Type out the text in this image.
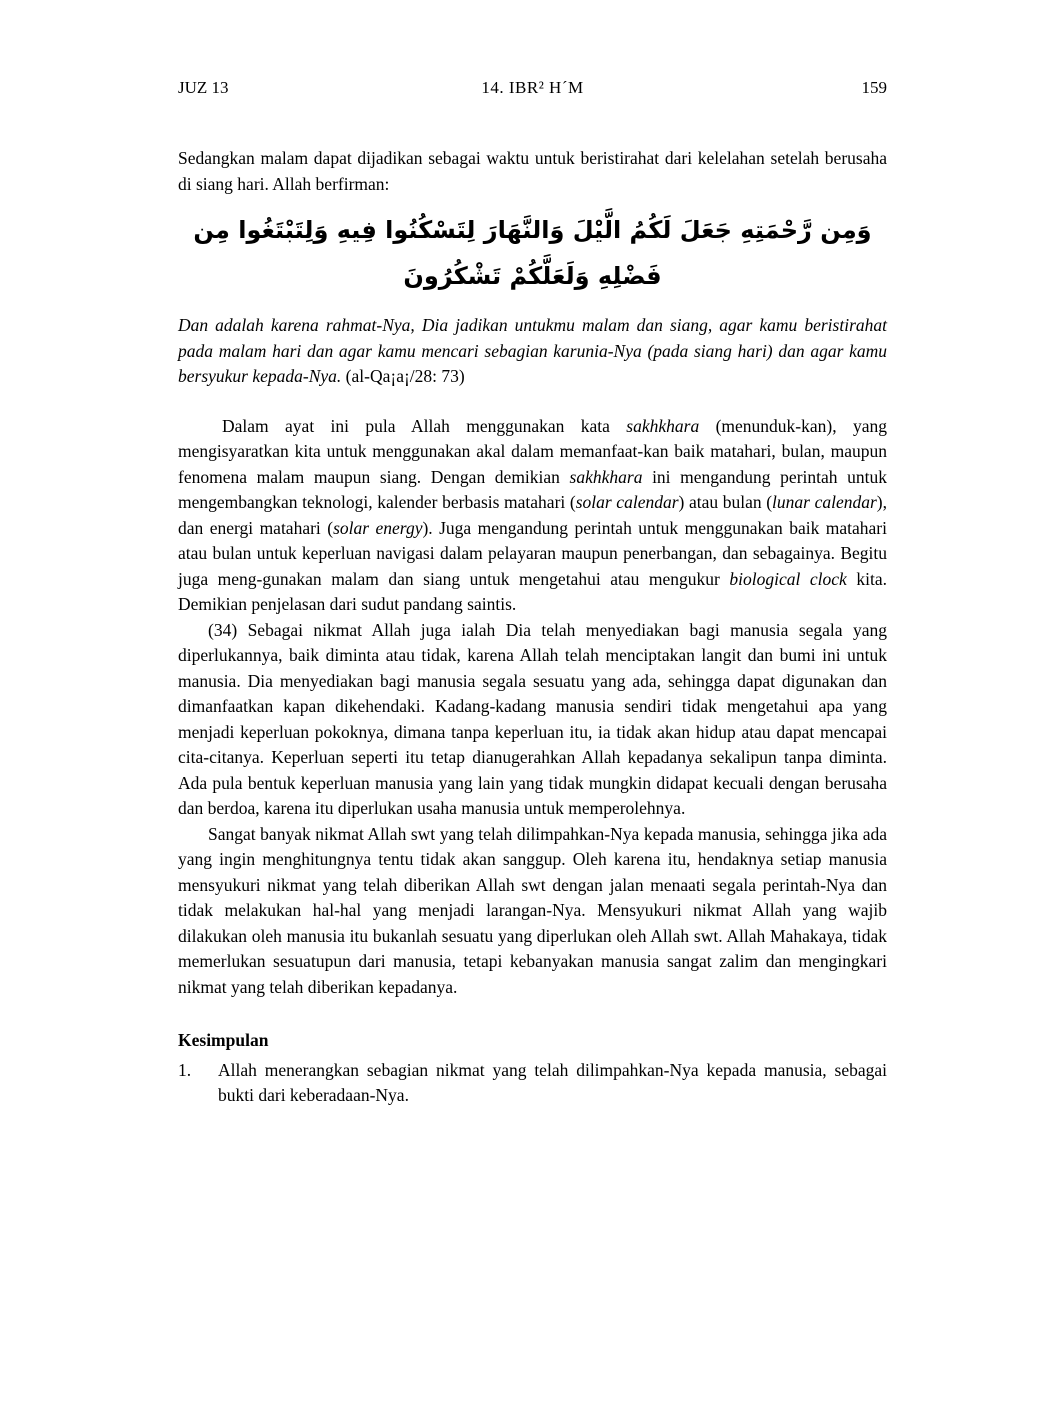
JUZ 13	14. IBR² H´M	159

Sedangkan malam dapat dijadikan sebagai waktu untuk beristirahat dari kelelahan setelah berusaha di siang hari. Allah berfirman:

وَمِن رَّحْمَتِهِ جَعَلَ لَكُمُ الَّيْلَ وَالنَّهَارَ لِتَسْكُنُوا فِيهِ وَلِتَبْتَغُوا مِن فَضْلِهِ وَلَعَلَّكُمْ تَشْكُرُونَ

Dan adalah karena rahmat-Nya, Dia jadikan untukmu malam dan siang, agar kamu beristirahat pada malam hari dan agar kamu mencari sebagian karunia-Nya (pada siang hari) dan agar kamu bersyukur kepada-Nya. (al-Qa¡a¡/28: 73)

Dalam ayat ini pula Allah menggunakan kata sakhkhara (menunduk-kan), yang mengisyaratkan kita untuk menggunakan akal dalam memanfaat-kan baik matahari, bulan, maupun fenomena malam maupun siang. Dengan demikian sakhkhara ini mengandung perintah untuk mengembangkan teknologi, kalender berbasis matahari (solar calendar) atau bulan (lunar calendar), dan energi matahari (solar energy). Juga mengandung perintah untuk menggunakan baik matahari atau bulan untuk keperluan navigasi dalam pelayaran maupun penerbangan, dan sebagainya. Begitu juga meng-gunakan malam dan siang untuk mengetahui atau mengukur biological clock kita. Demikian penjelasan dari sudut pandang saintis.

(34) Sebagai nikmat Allah juga ialah Dia telah menyediakan bagi manusia segala yang diperlukannya, baik diminta atau tidak, karena Allah telah menciptakan langit dan bumi ini untuk manusia. Dia menyediakan bagi manusia segala sesuatu yang ada, sehingga dapat digunakan dan dimanfaatkan kapan dikehendaki. Kadang-kadang manusia sendiri tidak mengetahui apa yang menjadi keperluan pokoknya, dimana tanpa keperluan itu, ia tidak akan hidup atau dapat mencapai cita-citanya. Keperluan seperti itu tetap dianugerahkan Allah kepadanya sekalipun tanpa diminta. Ada pula bentuk keperluan manusia yang lain yang tidak mungkin didapat kecuali dengan berusaha dan berdoa, karena itu diperlukan usaha manusia untuk memperolehnya.

Sangat banyak nikmat Allah swt yang telah dilimpahkan-Nya kepada manusia, sehingga jika ada yang ingin menghitungnya tentu tidak akan sanggup. Oleh karena itu, hendaknya setiap manusia mensyukuri nikmat yang telah diberikan Allah swt dengan jalan menaati segala perintah-Nya dan tidak melakukan hal-hal yang menjadi larangan-Nya. Mensyukuri nikmat Allah yang wajib dilakukan oleh manusia itu bukanlah sesuatu yang diperlukan oleh Allah swt. Allah Mahakaya, tidak memerlukan sesuatupun dari manusia, tetapi kebanyakan manusia sangat zalim dan mengingkari nikmat yang telah diberikan kepadanya.

Kesimpulan
1.	Allah menerangkan sebagian nikmat yang telah dilimpahkan-Nya kepada manusia, sebagai bukti dari keberadaan-Nya.
